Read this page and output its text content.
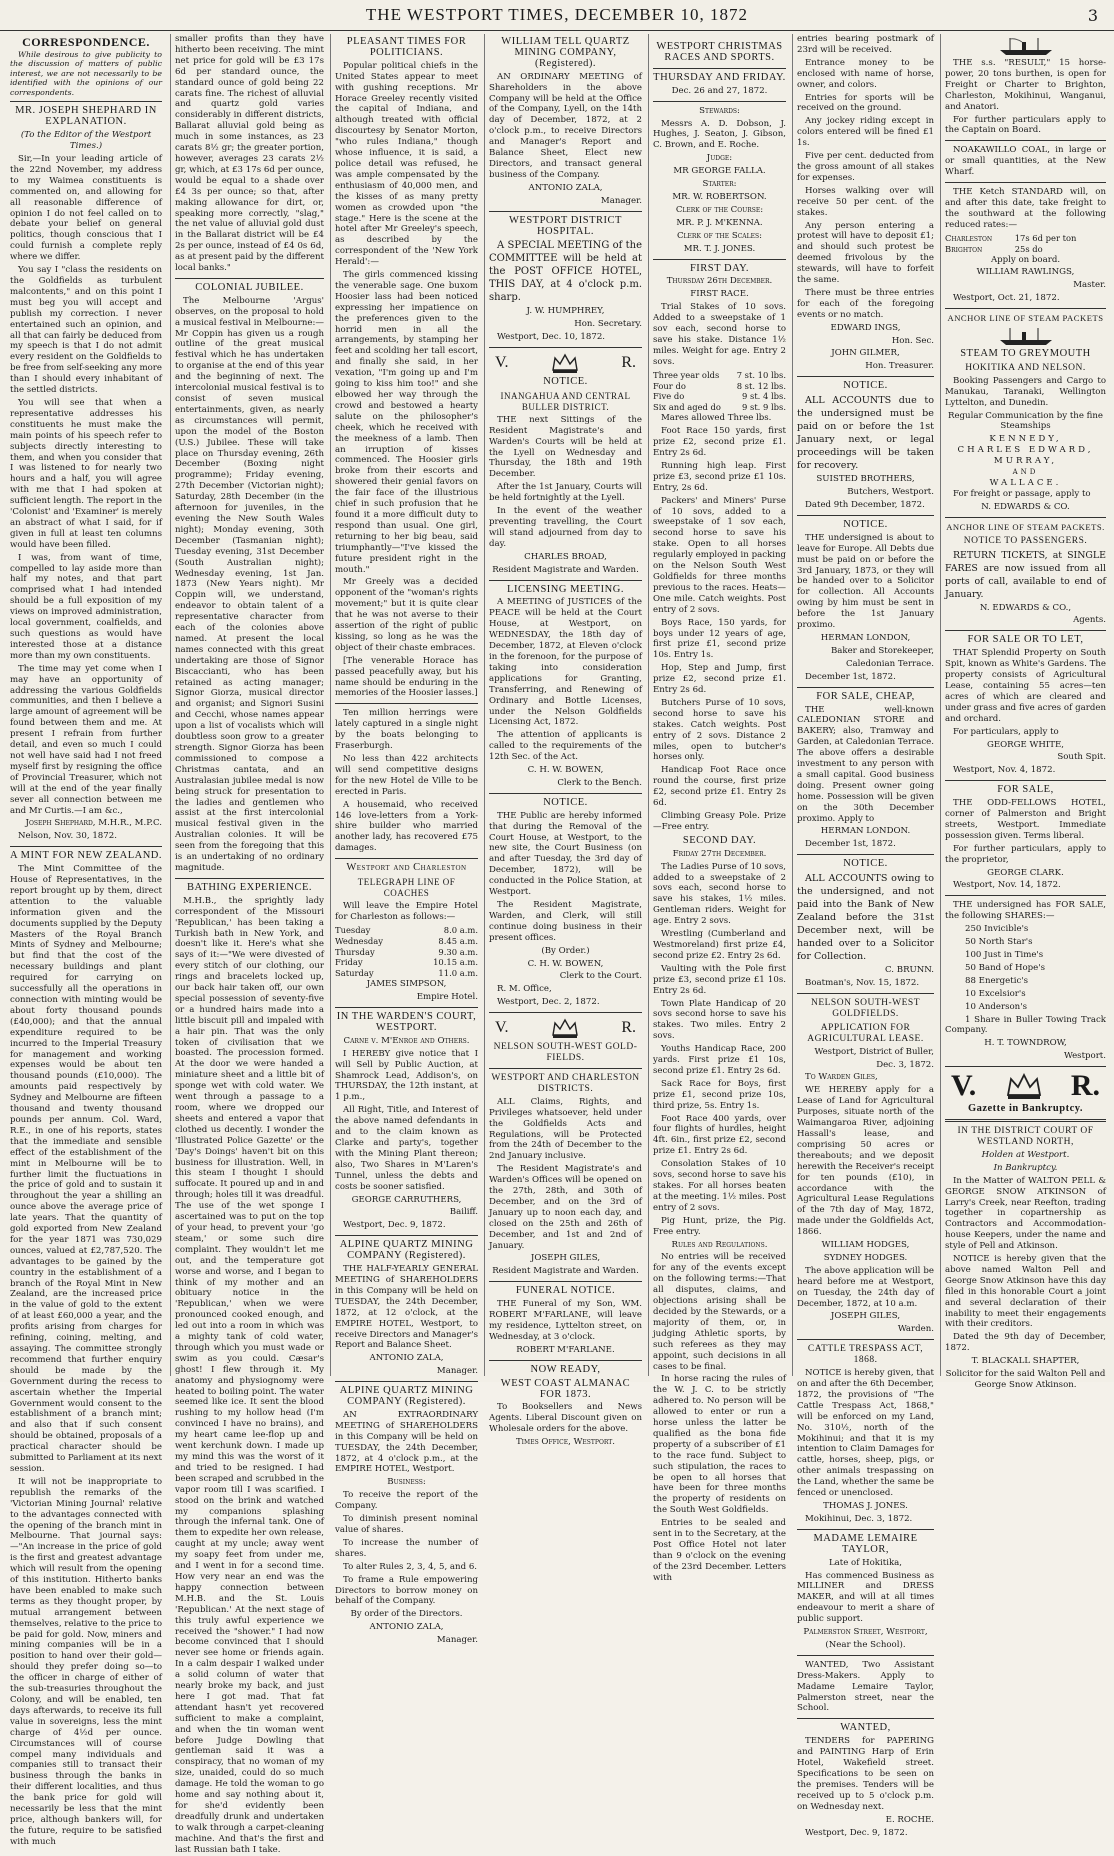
THE WESTPORT TIMES, DECEMBER 10, 1872	3
CORRESPONDENCE.

While desirous to give publicity to the discussion of matters of public interest, we are not necessarily to be identified with the opinions of our correspondents.

MR. JOSEPH SHEPHARD IN EXPLANATION.

(To the Editor of the Westport Times.)

Sir,—In your leading article of the 22nd November, my address to my Waimea constituents is commented on, and allowing for all reasonable difference of opinion I do not feel called on to debate your belief on general politics, though conscious that I could furnish a complete reply where we differ.

You say I "class the residents on the Goldfields as turbulent malcontents," and on this point I must beg you will accept and publish my correction. I never entertained such an opinion, and all that can fairly be deduced from my speech is that I do not admit every resident on the Goldfields to be free from self-seeking any more than I should every inhabitant of the settled districts.

You will see that when a representative addresses his constituents he must make the main points of his speech refer to subjects directly interesting to them, and when you consider that I was listened to for nearly two hours and a half, you will agree with me that I had spoken at sufficient length. The report in the 'Colonist' and 'Examiner' is merely an abstract of what I said, for if given in full at least ten columns would have been filled.

I was, from want of time, compelled to lay aside more than half my notes, and that part comprised what I had intended should be a full exposition of my views on improved administration, local government, coalfields, and such questions as would have interested those at a distance more than my own constituents.

The time may yet come when I may have an opportunity of addressing the various Goldfields communities, and then I believe a large amount of agreement will be found between them and me. At present I refrain from further detail, and even so much I could not well have said had I not freed myself first by resigning the office of Provincial Treasurer, which not will at the end of the year finally sever all connection between me and Mr Curtis.—I am &c.,

Joseph Shephard, M.H.R., M.P.C.

Nelson, Nov. 30, 1872.

A MINT FOR NEW ZEALAND.

The Mint Committee of the House of Representatives, in the report brought up by them, direct attention to the valuable information given and the documents supplied by the Deputy Masters of the Royal Branch Mints of Sydney and Melbourne; but find that the cost of the necessary buildings and plant required for carrying on successfully all the operations in connection with minting would be about forty thousand pounds (£40,000); and that the annual expenditure required to be incurred to the Imperial Treasury for management and working expenses would be about ten thousand pounds (£10,000). The amounts paid respectively by Sydney and Melbourne are fifteen thousand and twenty thousand pounds per annum. Col. Ward, R.E., in one of his reports, states that the immediate and sensible effect of the establishment of the mint in Melbourne will be to further limit the fluctuations in the price of gold and to sustain it throughout the year a shilling an ounce above the average price of late years. That the quantity of gold exported from New Zealand for the year 1871 was 730,029 ounces, valued at £2,787,520. The advantages to be gained by the country in the establishment of a branch of the Royal Mint in New Zealand, are the increased price in the value of gold to the extent of at least £60,000 a year, and the profits arising from charges for refining, coining, melting, and assaying. The committee strongly recommend that further enquiry should be made by the Government during the recess to ascertain whether the Imperial Government would consent to the establishment of a branch mint; and also that if such consent should be obtained, proposals of a practical character should be submitted to Parliament at its next session.

It will not be inappropriate to republish the remarks of the 'Victorian Mining Journal' relative to the advantages connected with the opening of the branch mint in Melbourne. That journal says:—"An increase in the price of gold is the first and greatest advantage which will result from the opening of this institution. Hitherto banks have been enabled to make such terms as they thought proper, by mutual arrangement between themselves, relative to the price to be paid for gold. Now, miners and mining companies will be in a position to hand over their gold—should they prefer doing so—to the officer in charge of either of the sub-treasuries throughout the Colony, and will be enabled, ten days afterwards, to receive its full value in sovereigns, less the mint charge of 4½d per ounce. Circumstances will of course compel many individuals and companies still to transact their business through the banks in their different localities, and thus the bank price for gold will necessarily be less that the mint price, although bankers will, for the future, require to be satisfied with much

smaller profits than they have hitherto been receiving. The mint net price for gold will be £3 17s 6d per standard ounce, the standard ounce of gold being 22 carats fine. The richest of alluvial and quartz gold varies considerably in different districts, Ballarat alluvial gold being as much in some instances, as 23 carats 8½ gr; the greater portion, however, averages 23 carats 2½ gr, which, at £3 17s 6d per ounce, would be equal to a shade over £4 3s per ounce; so that, after making allowance for dirt, or, speaking more correctly, "slag," the net value of alluvial gold dust in the Ballarat district will be £4 2s per ounce, instead of £4 0s 6d, as at present paid by the different local banks."

COLONIAL JUBILEE.

The Melbourne 'Argus' observes, on the proposal to hold a musical festival in Melbourne:—Mr Coppin has given us a rough outline of the great musical festival which he has undertaken to organise at the end of this year and the beginning of next. The intercolonial musical festival is to consist of seven musical entertainments, given, as nearly as circumstances will permit, upon the model of the Boston (U.S.) Jubilee. These will take place on Thursday evening, 26th December (Boxing night programme); Friday evening, 27th December (Victorian night); Saturday, 28th December (in the afternoon for juveniles, in the evening the New South Wales night); Monday evening, 30th December (Tasmanian night); Tuesday evening, 31st December (South Australian night); Wednesday evening, 1st Jan. 1873 (New Years night). Mr Coppin will, we understand, endeavor to obtain talent of a representative character from each of the colonies above named. At present the local names connected with this great undertaking are those of Signor Biscaccianti, who has been retained as acting manager; Signor Giorza, musical director and organist; and Signori Susini and Cecchi, whose names appear upon a list of vocalists which will doubtless soon grow to a greater strength. Signor Giorza has been commissioned to compose a Christmas cantata, and an Australasian jubilee medal is now being struck for presentation to the ladies and gentlemen who assist at the first intercolonial musical festival given in the Australian colonies. It will be seen from the foregoing that this is an undertaking of no ordinary magnitude.

BATHING EXPERIENCE.

M.H.B., the sprightly lady correspondent of the Missouri 'Republican,' has been taking a Turkish bath in New York, and doesn't like it. Here's what she says of it:—"We were divested of every stitch of our clothing, our rings and bracelets locked up, our back hair taken off, our own special possession of seventy-five or a hundred hairs made into a little biscuit pill and impaled with a hair pin. That was the only token of civilisation that we boasted. The procession formed. At the door we were handed a miniature sheet and a little bit of sponge wet with cold water. We went through a passage to a room, where we dropped our sheets and entered a vapor that clothed us decently. I wonder the 'Illustrated Police Gazette' or the 'Day's Doings' haven't bit on this business for illustration. Well, in this steam I thought I should suffocate. It poured up and in and through; holes till it was dreadful. The use of the wet sponge I ascertained was to put on the top of your head, to prevent your 'go steam,' or some such dire complaint. They wouldn't let me out, and the temperature got worse and worse, and I began to think of my mother and an obituary notice in the 'Republican,' when we were pronounced cooked enough, and led out into a room in which was a mighty tank of cold water, through which you must wade or swim as you could. Cæsar's ghost! I flew through it. My anatomy and physiognomy were heated to boiling point. The water seemed like ice. It sent the blood rushing to my hollow head (I'm convinced I have no brains), and my heart came lee-flop up and went kerchunk down. I made up my mind this was the worst of it and tried to be resigned. I had been scraped and scrubbed in the vapor room till I was scarified. I stood on the brink and watched my companions splashing through the infernal tank. One of them to expedite her own release, caught at my uncle; away went my soapy feet from under me, and I went in for a second time. How very near an end was the happy connection between M.H.B. and the St. Louis 'Republican.' At the next stage of this truly awful experience we received the "shower." I had now become convinced that I should never see home or friends again. In a calm despair I walked under a solid column of water that nearly broke my back, and just here I got mad. That fat attendant hasn't yet recovered sufficient to make a complaint, and when the tin woman went before Judge Dowling that gentleman said it was a conspiracy, that no woman of my size, unaided, could do so much damage. He told the woman to go home and say nothing about it, for she'd evidently been dreadfully drunk and undertaken to walk through a carpet-cleaning machine. And that's the first and last Russian bath I take.

PLEASANT TIMES FOR POLITICIANS.

Popular political chiefs in the United States appear to meet with gushing receptions. Mr Horace Greeley recently visited the capital of Indiana, and although treated with official discourtesy by Senator Morton, "who rules Indiana," though whose influence, it is said, a police detail was refused, he was ample compensated by the enthusiasm of 40,000 men, and the kisses of as many pretty women as crowded upon "the stage." Here is the scene at the hotel after Mr Greeley's speech, as described by the correspondent of the 'New York Herald':—

The girls commenced kissing the venerable sage. One buxom Hoosier lass had been noticed expressing her impatience on the preferences given to the horrid men in all the arrangements, by stamping her feet and scolding her tall escort, and finally she said, in her vexation, "I'm going up and I'm going to kiss him too!" and she elbowed her way through the crowd and bestowed a hearty salute on the philosopher's cheek, which he received with the meekness of a lamb. Then an irruption of kisses commenced. The Hoosier girls broke from their escorts and showered their genial favors on the fair face of the illustrious chief in such profusion that he found it a more difficult duty to respond than usual. One girl, returning to her big beau, said triumphantly—"I've kissed the future president right in the mouth."

Mr Greely was a decided opponent of the "woman's rights movement;" but it is quite clear that he was not averse to their assertion of the right of public kissing, so long as he was the object of their chaste embraces.

[The venerable Horace has passed peacefully away, but his name should be enduring in the memories of the Hoosier lasses.]

Ten million herrings were lately captured in a single night by the boats belonging to Fraserburgh.

No less than 422 architects will send competitive designs for the new Hotel de Ville to be erected in Paris.

A housemaid, who received 146 love-letters from a York-shire builder who married another lady, has recovered £75 damages.

Westport and Charleston
TELEGRAPH LINE OF COACHES

Will leave the Empire Hotel for Charleston as follows:—

Tuesday	8.0 a.m.
Wednesday	8.45 a.m.
Thursday	9.30 a.m.
Friday	10.15 a.m.
Saturday	11.0 a.m.

JAMES SIMPSON,

Empire Hotel.

IN THE WARDEN'S COURT, WESTPORT.

Carne v. M'Enroe and Others.

I HEREBY give notice that I will Sell by Public Auction, at Shamrock Lead, Addison's, on THURSDAY, the 12th instant, at 1 p.m.,

All Right, Title, and Interest of the above named defendants in and to the claim known as Clarke and party's, together with the Mining Plant thereon; also, Two Shares in M'Laren's Tunnel, unless the debts and costs be sooner satisfied.

GEORGE CARRUTHERS,

Bailiff.

Westport, Dec. 9, 1872.

ALPINE QUARTZ MINING COMPANY (Registered).

THE HALF-YEARLY GENERAL MEETING of SHAREHOLDERS in this Company will be held on TUESDAY, the 24th December, 1872, at 12 o'clock, at the EMPIRE HOTEL, Westport, to receive Directors and Manager's Report and Balance Sheet.

ANTONIO ZALA,

Manager.

ALPINE QUARTZ MINING COMPANY (Registered).

AN EXTRAORDINARY MEETING of SHAREHOLDERS in this Company will be held on TUESDAY, the 24th December, 1872, at 4 o'clock p.m., at the EMPIRE HOTEL, Westport.

Business:

To receive the report of the Company.

To diminish present nominal value of shares.

To increase the number of shares.

To alter Rules 2, 3, 4, 5, and 6.

To frame a Rule empowering Directors to borrow money on behalf of the Company.

By order of the Directors.

ANTONIO ZALA,

Manager.

WILLIAM TELL QUARTZ MINING COMPANY, (Registered).

AN ORDINARY MEETING of Shareholders in the above Company will be held at the Office of the Company, Lyell, on the 14th day of December, 1872, at 2 o'clock p.m., to receive Directors and Manager's Report and Balance Sheet, Elect new Directors, and transact general business of the Company.

ANTONIO ZALA,

Manager.

WESTPORT DISTRICT HOSPITAL.

A SPECIAL MEETING of the COMMITTEE will be held at the POST OFFICE HOTEL, THIS DAY, at 4 o'clock p.m. sharp.

J. W. HUMPHREY,

Hon. Secretary.

Westport, Dec. 10, 1872.

V.	R.
NOTICE.
INANGAHUA AND CENTRAL BULLER DISTRICT.

THE next Sittings of the Resident Magistrate's and Warden's Courts will be held at the Lyell on Wednesday and Thursday, the 18th and 19th December.

After the 1st January, Courts will be held fortnightly at the Lyell.

In the event of the weather preventing travelling, the Court will stand adjourned from day to day.

CHARLES BROAD,

Resident Magistrate and Warden.

LICENSING MEETING.

A MEETING of JUSTICES of the PEACE will be held at the Court House, at Westport, on WEDNESDAY, the 18th day of December, 1872, at Eleven o'clock in the forenoon, for the purpose of taking into consideration applications for Granting, Transferring, and Renewing of Ordinary and Bottle Licenses, under the Nelson Goldfields Licensing Act, 1872.

The attention of applicants is called to the requirements of the 12th Sec. of the Act.

C. H. W. BOWEN,

Clerk to the Bench.

NOTICE.

THE Public are hereby informed that during the Removal of the Court House, at Westport, to the new site, the Court Business (on and after Tuesday, the 3rd day of December, 1872), will be conducted in the Police Station, at Westport.

The Resident Magistrate, Warden, and Clerk, will still continue doing business in their present offices.

(By Order.)

C. H. W. BOWEN,

Clerk to the Court.

R. M. Office,

Westport, Dec. 2, 1872.

V.	R.
NELSON SOUTH-WEST GOLD-FIELDS.
WESTPORT AND CHARLESTON DISTRICTS.

ALL Claims, Rights, and Privileges whatsoever, held under the Goldfields Acts and Regulations, will be Protected from the 24th of December to the 2nd January inclusive.

The Resident Magistrate's and Warden's Offices will be opened on the 27th, 28th, and 30th of December, and on the 3rd of January up to noon each day, and closed on the 25th and 26th of December, and 1st and 2nd of January.

JOSEPH GILES,

Resident Magistrate and Warden.

FUNERAL NOTICE.

THE Funeral of my Son, WM. ROBERT M'FARLANE, will leave my residence, Lyttelton street, on Wednesday, at 3 o'clock.

ROBERT M'FARLANE.

NOW READY,
WEST COAST ALMANAC FOR 1873.

To Booksellers and News Agents. Liberal Discount given on Wholesale orders for the above.

Times Office, Westport.

WESTPORT CHRISTMAS RACES AND SPORTS.
THURSDAY AND FRIDAY.

Dec. 26 and 27, 1872.

Stewards:

Messrs A. D. Dobson, J. Hughes, J. Seaton, J. Gibson, C. Brown, and E. Roche.

Judge:

MR GEORGE FALLA.

Starter:

MR. W. ROBERTSON.

Clerk of the Course:

MR. P. J. M'KENNA.

Clerk of the Scales:

MR. T. J. JONES.

FIRST DAY.

Thursday 26th December.

FIRST RACE.

Trial Stakes of 10 sovs. Added to a sweepstake of 1 sov each, second horse to save his stake. Distance 1½ miles. Weight for age. Entry 2 sovs.

Three year olds	7 st. 10 lbs.
Four do	8 st. 12 lbs.
Five do	9 st. 4 lbs.
Six and aged do	9 st. 9 lbs.

Mares allowed Three lbs.

Foot Race 150 yards, first prize £2, second prize £1. Entry 2s 6d.

Running high leap. First prize £3, second prize £1 10s. Entry, 2s 6d.

Packers' and Miners' Purse of 10 sovs, added to a sweepstake of 1 sov each, second horse to save his stake. Open to all horses regularly employed in packing on the Nelson South West Goldfields for three months previous to the races. Heats—One mile. Catch weights. Post entry of 2 sovs.

Boys Race, 150 yards, for boys under 12 years of age, first prize £1, second prize 10s. Entry 1s.

Hop, Step and Jump, first prize £2, second prize £1. Entry 2s 6d.

Butchers Purse of 10 sovs, second horse to save his stakes. Catch weights. Post entry of 2 sovs. Distance 2 miles, open to butcher's horses only.

Handicap Foot Race once round the course, first prize £2, second prize £1. Entry 2s 6d.

Climbing Greasy Pole. Prize—Free entry.

SECOND DAY.

Friday 27th December.

The Ladies Purse of 10 sovs, added to a sweepstake of 2 sovs each, second horse to save his stakes, 1½ miles. Gentleman riders. Weight for age. Entry 2 sovs.

Wrestling (Cumberland and Westmoreland) first prize £4, second prize £2. Entry 2s 6d.

Vaulting with the Pole first prize £3, second prize £1 10s. Entry 2s 6d.

Town Plate Handicap of 20 sovs second horse to save his stakes. Two miles. Entry 2 sovs.

Youths Handicap Race, 200 yards. First prize £1 10s, second prize £1. Entry 2s 6d.

Sack Race for Boys, first prize £1, second prize 10s, third prize, 5s. Entry 1s.

Foot Race 400 yards, over four flights of hurdles, height 4ft. 6in., first prize £2, second prize £1. Entry 2s 6d.

Consolation Stakes of 10 sovs, second horse to save his stakes. For all horses beaten at the meeting. 1½ miles. Post entry of 2 sovs.

Pig Hunt, prize, the Pig. Free entry.

Rules and Regulations.

No entries will be received for any of the events except on the following terms:—That all disputes, claims, and objections arising shall be decided by the Stewards, or a majority of them, or, in judging Athletic sports, by such referees as they may appoint, such decisions in all cases to be final.

In horse racing the rules of the W. J. C. to be strictly adhered to. No person will be allowed to enter or run a horse unless the latter be qualified as the bona fide property of a subscriber of £1 to the race fund. Subject to such stipulation, the races to be open to all horses that have been for three months the property of residents on the South West Goldfields.

Entries to be sealed and sent in to the Secretary, at the Post Office Hotel not later than 9 o'clock on the evening of the 23rd December. Letters with

entries bearing postmark of 23rd will be received.

Entrance money to be enclosed with name of horse, owner, and colors.

Entries for sports will be received on the ground.

Any jockey riding except in colors entered will be fined £1 1s.

Five per cent. deducted from the gross amount of all stakes for expenses.

Horses walking over will receive 50 per cent. of the stakes.

Any person entering a protest will have to deposit £1; and should such protest be deemed frivolous by the stewards, will have to forfeit the same.

There must be three entries for each of the foregoing events or no match.

EDWARD INGS,

Hon. Sec.

JOHN GILMER,

Hon. Treasurer.

NOTICE.

ALL ACCOUNTS due to the undersigned must be paid on or before the 1st January next, or legal proceedings will be taken for recovery.

SUISTED BROTHERS,

Butchers, Westport.

Dated 9th December, 1872.

NOTICE.

THE undersigned is about to leave for Europe. All Debts due must be paid on or before the 3rd January, 1873, or they will be handed over to a Solicitor for collection. All Accounts owing by him must be sent in before the 1st January proximo.

HERMAN LONDON,

Baker and Storekeeper,

Caledonian Terrace.

December 1st, 1872.

FOR SALE, CHEAP,

THE well-known CALEDONIAN STORE and BAKERY; also, Tramway and Garden, at Caledonian Terrace. The above offers a desirable investment to any person with a small capital. Good business doing. Present owner going home. Possession will be given on the 30th December proximo. Apply to

HERMAN LONDON.

December 1st, 1872.

NOTICE.

ALL ACCOUNTS owing to the undersigned, and not paid into the Bank of New Zealand before the 31st December next, will be handed over to a Solicitor for Collection.

C. BRUNN.

Boatman's, Nov. 15, 1872.

NELSON SOUTH-WEST GOLDFIELDS.
APPLICATION FOR AGRICULTURAL LEASE.

Westport, District of Buller,

Dec. 3, 1872.

To Warden Giles,

WE HEREBY apply for a Lease of Land for Agricultural Purposes, situate north of the Waimangaroa River, adjoining Hassall's lease, and comprising 50 acres or thereabouts; and we deposit herewith the Receiver's receipt for ten pounds (£10), in accordance with the Agricultural Lease Regulations of the 7th day of May, 1872, made under the Goldfields Act, 1866.

WILLIAM HODGES,

SYDNEY HODGES.

The above application will be heard before me at Westport, on Tuesday, the 24th day of December, 1872, at 10 a.m.

JOSEPH GILES,

Warden.

CATTLE TRESPASS ACT, 1868.

NOTICE is hereby given, that on and after the 6th December, 1872, the provisions of "The Cattle Trespass Act, 1868," will be enforced on my Land, No. 310½, north of the Mokihinui; and that it is my intention to Claim Damages for cattle, horses, sheep, pigs, or other animals trespassing on the Land, whether the same be fenced or unenclosed.

THOMAS J. JONES.

Mokihinui, Dec. 3, 1872.

MADAME LEMAIRE TAYLOR,

Late of Hokitika,

Has commenced Business as MILLINER and DRESS MAKER, and will at all times endeavour to merit a share of public support.

Palmerston Street, Westport,

(Near the School).

WANTED, Two Assistant Dress-Makers. Apply to Madame Lemaire Taylor, Palmerston street, near the School.

WANTED,

TENDERS for PAPERING and PAINTING Harp of Erin Hotel, Wakefield street. Specifications to be seen on the premises. Tenders will be received up to 5 o'clock p.m. on Wednesday next.

E. ROCHE.

Westport, Dec. 9, 1872.

THE s.s. "RESULT," 15 horse-power, 20 tons burthen, is open for Freight or Charter to Brighton, Charleston, Mokihinui, Wanganui, and Anatori.

For further particulars apply to the Captain on Board.

NOAKAWILLO COAL, in large or or small quantities, at the New Wharf.

THE Ketch STANDARD will, on and after this date, take freight to the southward at the following reduced rates:—

Charleston	17s 6d per ton
Brighton	25s do

Apply on board.

WILLIAM RAWLINGS,

Master.

Westport, Oct. 21, 1872.

ANCHOR LINE OF STEAM PACKETS
STEAM TO GREYMOUTH
HOKITIKA AND NELSON.

Booking Passengers and Cargo to Manukau, Taranaki, Wellington Lyttelton, and Dunedin.

Regular Communication by the fine Steamships

KENNEDY,
CHARLES EDWARD,
MURRAY,
AND
WALLACE.

For freight or passage, apply to

N. EDWARDS & CO.

ANCHOR LINE OF STEAM PACKETS.
NOTICE TO PASSENGERS.

RETURN TICKETS, at SINGLE FARES are now issued from all ports of call, available to end of January.

N. EDWARDS & CO.,

Agents.

FOR SALE OR TO LET,

THAT Splendid Property on South Spit, known as White's Gardens. The property consists of Agricultural Lease, containing 55 acres—ten acres of which are cleared and under grass and five acres of garden and orchard.

For particulars, apply to

GEORGE WHITE,

South Spit.

Westport, Nov. 4, 1872.

FOR SALE,

THE ODD-FELLOWS HOTEL, corner of Palmerston and Bright streets, Westport. Immediate possession given. Terms liberal.

For further particulars, apply to the proprietor,

GEORGE CLARK.

Westport, Nov. 14, 1872.

THE undersigned has FOR SALE, the following SHARES:—

250 Invicible's

50 North Star's

100 Just in Time's

50 Band of Hope's

88 Energetic's

10 Excelsior's

10 Anderson's

1 Share in Buller Towing Track Company.

H. T. TOWNDROW,

Westport.

V.	R.
Gazette in Bankruptcy.
IN THE DISTRICT COURT OF WESTLAND NORTH,

Holden at Westport.

In Bankruptcy.

In the Matter of WALTON PELL & GEORGE SNOW ATKINSON of Larry's Creek, near Reefton, trading together in copartnership as Contractors and Accommodation-house Keepers, under the name and style of Pell and Atkinson.

NOTICE is hereby given that the above named Walton Pell and George Snow Atkinson have this day filed in this honorable Court a joint and several declaration of their inability to meet their engagements with their creditors.

Dated the 9th day of December, 1872.

T. BLACKALL SHAPTER,

Solicitor for the said Walton Pell and George Snow Atkinson.
